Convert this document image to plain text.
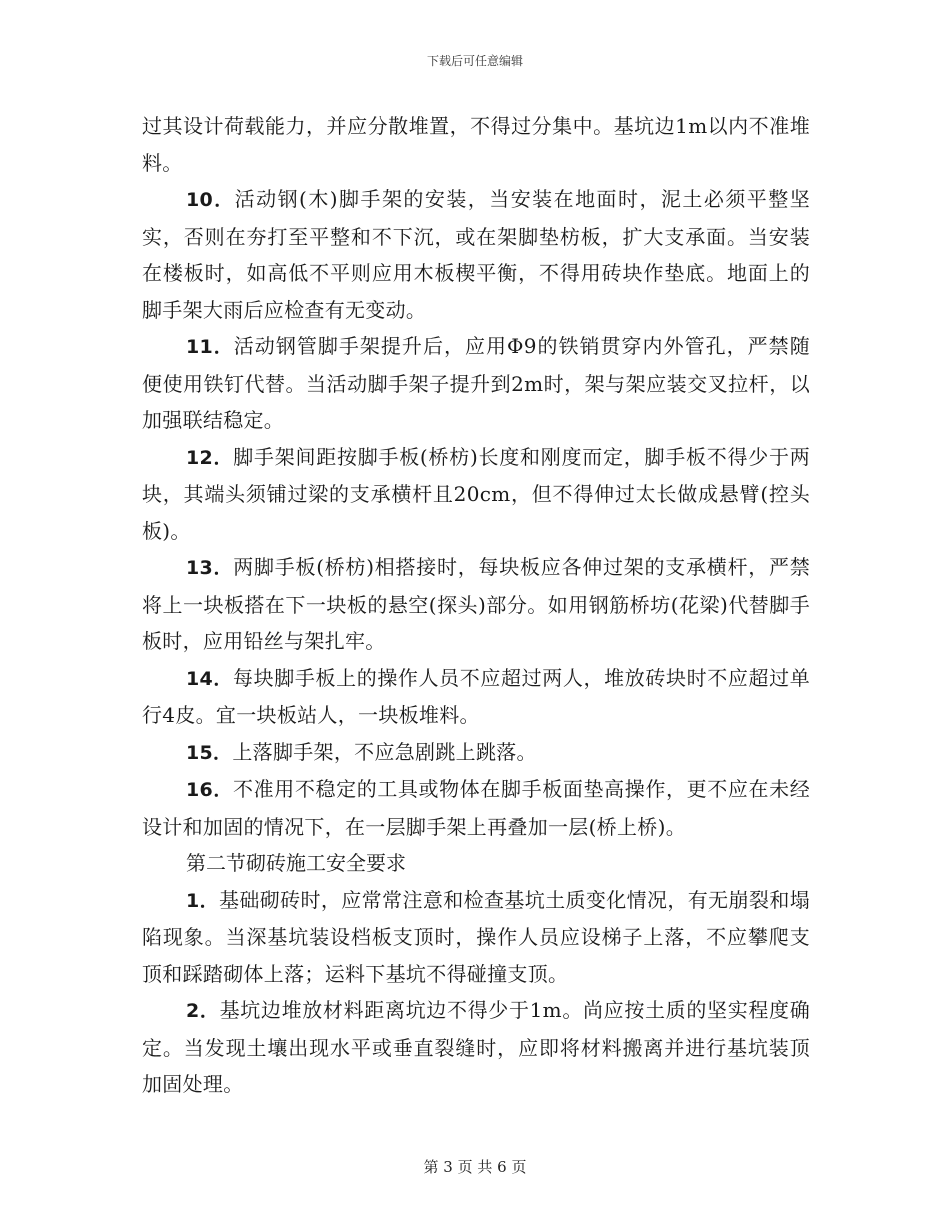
下载后可任意编辑

过其设计荷载能力，并应分散堆置，不得过分集中。基坑边1m以内不准堆料。

10．活动钢(木)脚手架的安装，当安装在地面时，泥土必须平整坚实，否则在夯打至平整和不下沉，或在架脚垫枋板，扩大支承面。当安装在楼板时，如高低不平则应用木板楔平衡，不得用砖块作垫底。地面上的脚手架大雨后应检查有无变动。

11．活动钢管脚手架提升后，应用Φ9的铁销贯穿内外管孔，严禁随便使用铁钉代替。当活动脚手架子提升到2m时，架与架应装交叉拉杆，以加强联结稳定。

12．脚手架间距按脚手板(桥枋)长度和刚度而定，脚手板不得少于两块，其端头须铺过梁的支承横杆且20cm，但不得伸过太长做成悬臂(控头板)。

13．两脚手板(桥枋)相搭接时，每块板应各伸过架的支承横杆，严禁将上一块板搭在下一块板的悬空(探头)部分。如用钢筋桥坊(花梁)代替脚手板时，应用铅丝与架扎牢。

14．每块脚手板上的操作人员不应超过两人，堆放砖块时不应超过单行4皮。宜一块板站人，一块板堆料。

15．上落脚手架，不应急剧跳上跳落。

16．不准用不稳定的工具或物体在脚手板面垫高操作，更不应在未经设计和加固的情况下，在一层脚手架上再叠加一层(桥上桥)。

第二节砌砖施工安全要求

1．基础砌砖时，应常常注意和检查基坑土质变化情况，有无崩裂和塌陷现象。当深基坑装设档板支顶时，操作人员应设梯子上落，不应攀爬支顶和踩踏砌体上落；运料下基坑不得碰撞支顶。

2．基坑边堆放材料距离坑边不得少于1m。尚应按土质的坚实程度确定。当发现土壤出现水平或垂直裂缝时，应即将材料搬离并进行基坑装顶加固处理。

第 3 页 共 6 页
